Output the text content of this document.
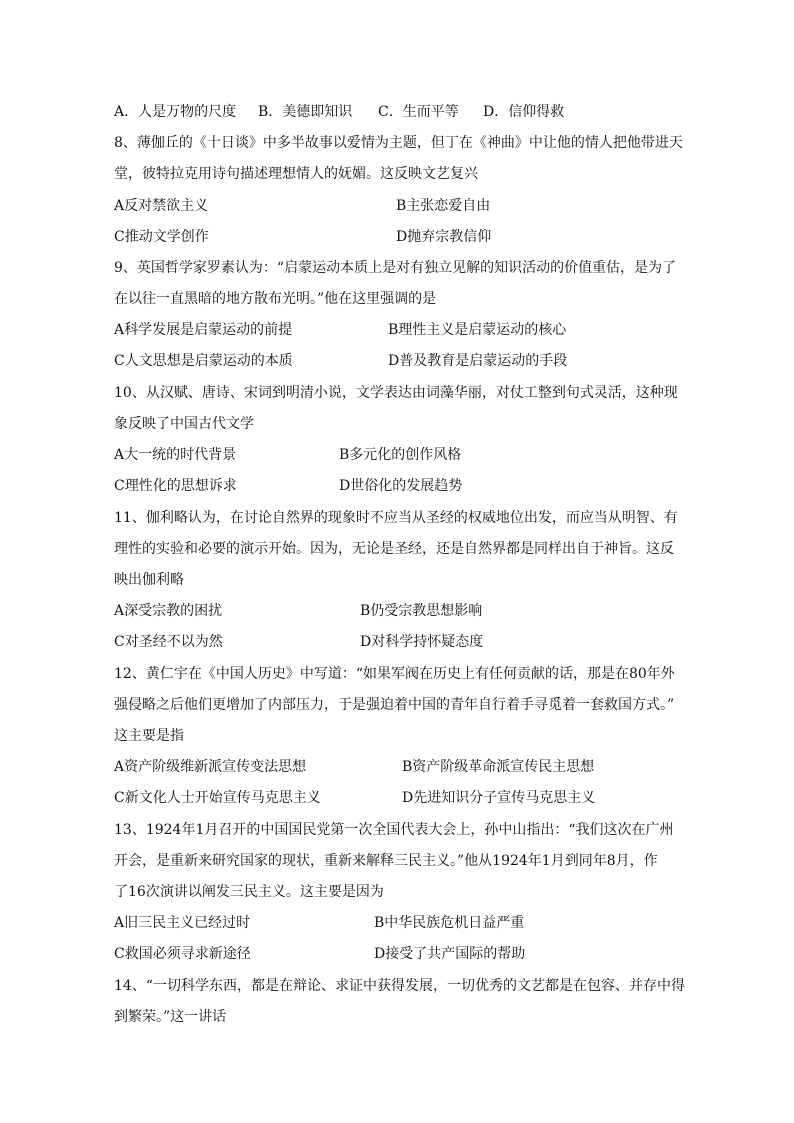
A．人是万物的尺度 B．美德即知识 C．生而平等 D．信仰得救
8、薄伽丘的《十日谈》中多半故事以爱情为主题，但丁在《神曲》中让他的情人把他带进天
堂，彼特拉克用诗句描述理想情人的妩媚。这反映文艺复兴
A反对禁欲主义	B主张恋爱自由
C推动文学创作	D抛弃宗教信仰
9、英国哲学家罗素认为：“启蒙运动本质上是对有独立见解的知识活动的价值重估，是为了
在以往一直黑暗的地方散布光明。”他在这里强调的是
A科学发展是启蒙运动的前提	B理性主义是启蒙运动的核心
C人文思想是启蒙运动的本质	D普及教育是启蒙运动的手段
10、从汉赋、唐诗、宋词到明清小说，文学表达由词藻华丽，对仗工整到句式灵活，这种现
象反映了中国古代文学
A大一统的时代背景	B多元化的创作风格
C理性化的思想诉求	D世俗化的发展趋势
11、伽利略认为，在讨论自然界的现象时不应当从圣经的权威地位出发，而应当从明智、有
理性的实验和必要的演示开始。因为，无论是圣经，还是自然界都是同样出自于神旨。这反
映出伽利略
A深受宗教的困扰	B仍受宗教思想影响
C对圣经不以为然	D对科学持怀疑态度
12、黄仁宇在《中国人历史》中写道：“如果军阀在历史上有任何贡献的话，那是在80年外
强侵略之后他们更增加了内部压力，于是强迫着中国的青年自行着手寻觅着一套救国方式。”
这主要是指
A资产阶级维新派宣传变法思想	B资产阶级革命派宣传民主思想
C新文化人士开始宣传马克思主义	D先进知识分子宣传马克思主义
13、1924年1月召开的中国国民党第一次全国代表大会上，孙中山指出：“我们这次在广州
开会，是重新来研究国家的现状，重新来解释三民主义。”他从1924年1月到同年8月，作
了16次演讲以阐发三民主义。这主要是因为
A旧三民主义已经过时	B中华民族危机日益严重
C救国必须寻求新途径	D接受了共产国际的帮助
14、“一切科学东西，都是在辩论、求证中获得发展，一切优秀的文艺都是在包容、并存中得
到繁荣。”这一讲话
